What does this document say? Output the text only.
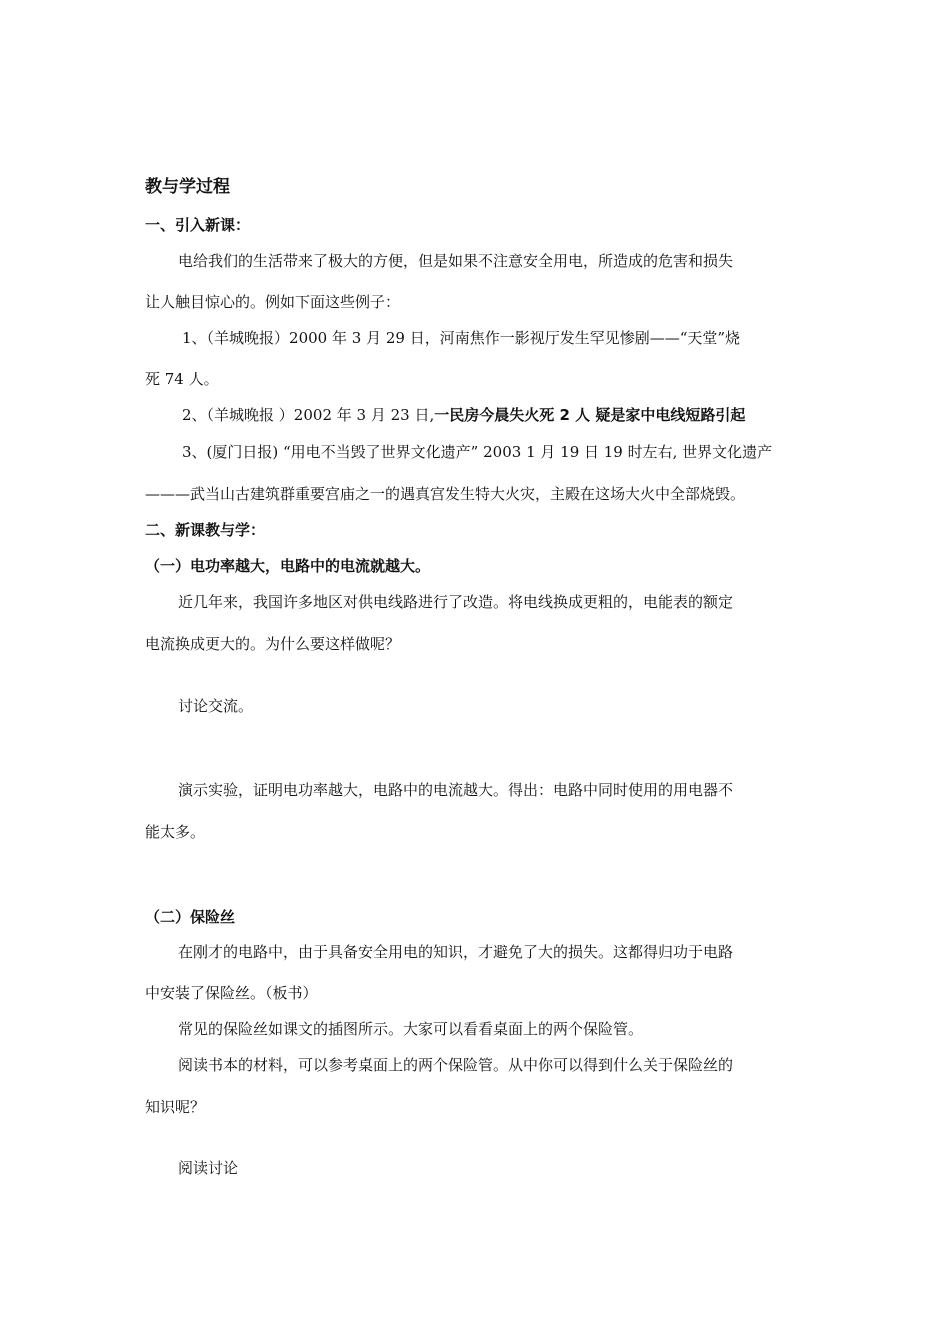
教与学过程
一、引入新课：
电给我们的生活带来了极大的方便，但是如果不注意安全用电，所造成的危害和损失
让人触目惊心的。例如下面这些例子：
1、（羊城晚报）2000 年 3 月 29 日，河南焦作一影视厅发生罕见惨剧——“天堂”烧
死 74 人。
2、（羊城晚报 ）2002 年 3 月 23 日,一民房今晨失火死 2 人 疑是家中电线短路引起
3、(厦门日报) “用电不当毁了世界文化遗产” 2003 1 月 19 日 19 时左右, 世界文化遗产
———武当山古建筑群重要宫庙之一的遇真宫发生特大火灾，主殿在这场大火中全部烧毁。
二、新课教与学：
（一）电功率越大，电路中的电流就越大。
近几年来，我国许多地区对供电线路进行了改造。将电线换成更粗的，电能表的额定
电流换成更大的。为什么要这样做呢？
讨论交流。
演示实验，证明电功率越大，电路中的电流越大。得出：电路中同时使用的用电器不
能太多。
（二）保险丝
在刚才的电路中，由于具备安全用电的知识，才避免了大的损失。这都得归功于电路
中安装了保险丝。（板书）
常见的保险丝如课文的插图所示。大家可以看看桌面上的两个保险管。
阅读书本的材料，可以参考桌面上的两个保险管。从中你可以得到什么关于保险丝的
知识呢？
阅读讨论
